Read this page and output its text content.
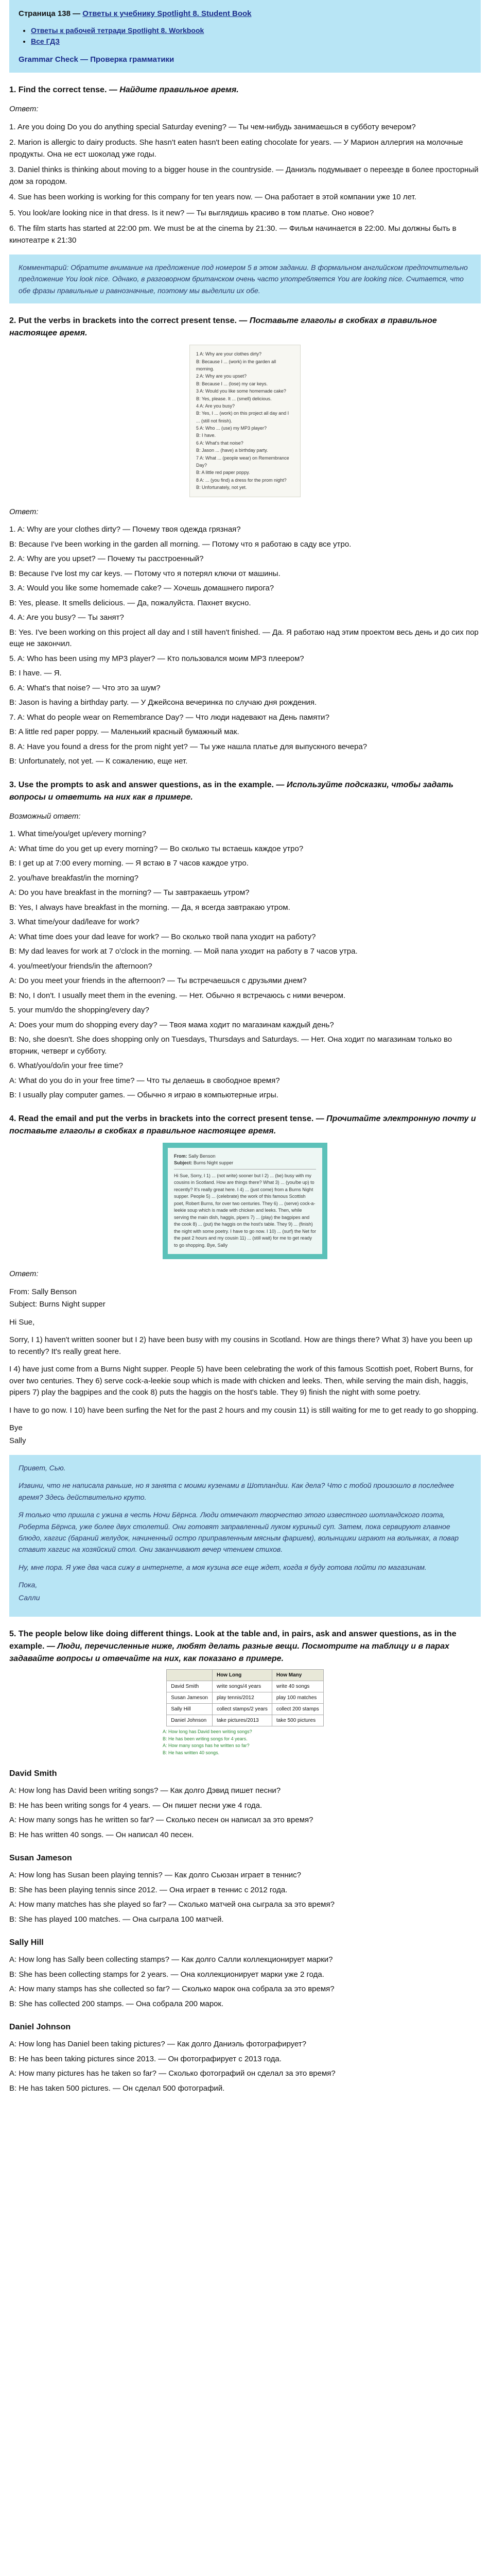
Страница 138 — Ответы к учебнику Spotlight 8. Student Book

• Ответы к рабочей тетради Spotlight 8. Workbook
• Все ГДЗ

Grammar Check — Проверка грамматики

1. Find the correct tense. — Найдите правильное время.

Ответ:

1. Are you doing Do you do anything special Saturday evening? — Ты чем-нибудь занимаешься в субботу вечером?
2. Marion is allergic to dairy products. She hasn't eaten hasn't been eating chocolate for years. — У Марион аллергия на молочные продукты. Она не ест шоколад уже годы.
3. Daniel thinks is thinking about moving to a bigger house in the countryside. — Даниэль подумывает о переезде в более просторный дом за городом.
4. Sue has been working is working for this company for ten years now. — Она работает в этой компании уже 10 лет.
5. You look/are looking nice in that dress. Is it new? — Ты выглядишь красиво в том платье. Оно новое?
6. The film starts has started at 22:00 pm. We must be at the cinema by 21:30. — Фильм начинается в 22:00. Мы должны быть в кинотеатре к 21:30
Комментарий: Обратите внимание на предложение под номером 5 в этом задании. В формальном английском предпочтительно предложение You look nice. Однако, в разговорном британском очень часто употребляется You are looking nice. Считается, что обе фразы правильные и равнозначные, поэтому мы выделили их обе.
2. Put the verbs in brackets into the correct present tense. — Поставьте глаголы в скобках в правильное настоящее время.
1 A: Why are your clothes dirty?
B: Because I ... (work) in the garden all morning.
2 A: Why are you upset?
B: Because I ... (lose) my car keys.
3 A: Would you like some homemade cake?
B: Yes, please. It ... (smell) delicious.
4 A: Are you busy?
B: Yes, I ... (work) on this project all day and I ... (still not finish).
5 A: Who ... (use) my MP3 player?
B: I have.
6 A: What's that noise?
B: Jason ... (have) a birthday party.
7 A: What ... (people wear) on Remembrance Day?
B: A little red paper poppy.
8 A: ... (you find) a dress for the prom night?
B: Unfortunately, not yet.

Ответ:

1. A: Why are your clothes dirty? — Почему твоя одежда грязная?

B: Because I've been working in the garden all morning. — Потому что я работаю в саду все утро.

2. A: Why are you upset? — Почему ты расстроенный?

B: Because I've lost my car keys. — Потому что я потерял ключи от машины.

3. A: Would you like some homemade cake? — Хочешь домашнего пирога?

B: Yes, please. It smells delicious. — Да, пожалуйста. Пахнет вкусно.

4. A: Are you busy? — Ты занят?

B: Yes. I've been working on this project all day and I still haven't finished. — Да. Я работаю над этим проектом весь день и до сих пор еще не закончил.

5. A: Who has been using my MP3 player? — Кто пользовался моим MP3 плеером?

B: I have. — Я.

6. A: What's that noise? — Что это за шум?

B: Jason is having a birthday party. — У Джейсона вечеринка по случаю дня рождения.

7. A: What do people wear on Remembrance Day? — Что люди надевают на День памяти?

B: A little red paper poppy. — Маленький красный бумажный мак.

8. A: Have you found a dress for the prom night yet? — Ты уже нашла платье для выпускного вечера?

B: Unfortunately, not yet. — К сожалению, еще нет.

3. Use the prompts to ask and answer questions, as in the example. — Используйте подсказки, чтобы задать вопросы и ответить на них как в примере.

Возможный ответ:

1. What time/you/get up/every morning?

A: What time do you get up every morning? — Во сколько ты встаешь каждое утро?

B: I get up at 7:00 every morning. — Я встаю в 7 часов каждое утро.

2. you/have breakfast/in the morning?

A: Do you have breakfast in the morning? — Ты завтракаешь утром?

B: Yes, I always have breakfast in the morning. — Да, я всегда завтракаю утром.

3. What time/your dad/leave for work?

A: What time does your dad leave for work? — Во сколько твой папа уходит на работу?

B: My dad leaves for work at 7 o'clock in the morning. — Мой папа уходит на работу в 7 часов утра.

4. you/meet/your friends/in the afternoon?

A: Do you meet your friends in the afternoon? — Ты встречаешься с друзьями днем?

B: No, I don't. I usually meet them in the evening. — Нет. Обычно я встречаюсь с ними вечером.

5. your mum/do the shopping/every day?

A: Does your mum do shopping every day? — Твоя мама ходит по магазинам каждый день?

B: No, she doesn't. She does shopping only on Tuesdays, Thursdays and Saturdays. — Нет. Она ходит по магазинам только во вторник, четверг и субботу.

6. What/you/do/in your free time?

A: What do you do in your free time? — Что ты делаешь в свободное время?

B: I usually play computer games. — Обычно я играю в компьютерные игры.

4. Read the email and put the verbs in brackets into the correct present tense. — Прочитайте электронную почту и поставьте глаголы в скобках в правильное настоящее время.
From: Sally Benson
Subject: Burns Night supper
Hi Sue, Sorry, I 1) ... (not write) sooner but I 2) ... (be) busy with my cousins in Scotland. How are things there? What 3) ... (you/be up) to recently? It's really great here. I 4) ... (just come) from a Burns Night supper. People 5) ... (celebrate) the work of this famous Scottish poet, Robert Burns, for over two centuries. They 6) ... (serve) cock-a-leekie soup which is made with chicken and leeks. Then, while serving the main dish, haggis, pipers 7) ... (play) the bagpipes and the cook 8) ... (put) the haggis on the host's table. They 9) ... (finish) the night with some poetry. I have to go now. I 10) ... (surf) the Net for the past 2 hours and my cousin 11) ... (still wait) for me to get ready to go shopping. Bye, Sally

Ответ:

From: Sally Benson

Subject: Burns Night supper

Hi Sue,

Sorry, I 1) haven't written sooner but I 2) have been busy with my cousins in Scotland. How are things there? What 3) have you been up to recently? It's really great here.

I 4) have just come from a Burns Night supper. People 5) have been celebrating the work of this famous Scottish poet, Robert Burns, for over two centuries. They 6) serve cock-a-leekie soup which is made with chicken and leeks. Then, while serving the main dish, haggis, pipers 7) play the bagpipes and the cook 8) puts the haggis on the host's table. They 9) finish the night with some poetry.

I have to go now. I 10) have been surfing the Net for the past 2 hours and my cousin 11) is still waiting for me to get ready to go shopping.

Bye

Sally

Привет, Сью.

Извини, что не написала раньше, но я занята с моими кузенами в Шотландии. Как дела? Что с тобой произошло в последнее время? Здесь действительно круто.

Я только что пришла с ужина в честь Ночи Бёрнса. Люди отмечают творчество этого известного шотландского поэта, Роберта Бёрнса, уже более двух столетий. Они готовят заправленный луком куриный суп. Затем, пока сервируют главное блюдо, хаггис (бараний желудок, начиненный остро приправленным мясным фаршем), волынщики играют на волынках, а повар ставит хаггис на хозяйский стол. Они заканчивают вечер чтением стихов.

Ну, мне пора. Я уже два часа сижу в интернете, а моя кузина все еще ждет, когда я буду готова пойти по магазинам.

Пока,

Салли

5. The people below like doing different things. Look at the table and, in pairs, ask and answer questions, as in the example. — Люди, перечисленные ниже, любят делать разные вещи. Посмотрите на таблицу и в парах задавайте вопросы и отвечайте на них, как показано в примере.
	How Long	How Many
David Smith	write songs/4 years	write 40 songs
Susan Jameson	play tennis/2012	play 100 matches
Sally Hill	collect stamps/2 years	collect 200 stamps
Daniel Johnson	take pictures/2013	take 500 pictures

A: How long has David been writing songs?

B: He has been writing songs for 4 years.

A: How many songs has he written so far?

B: He has written 40 songs.

David Smith

A: How long has David been writing songs? — Как долго Дэвид пишет песни?

B: He has been writing songs for 4 years. — Он пишет песни уже 4 года.

A: How many songs has he written so far? — Сколько песен он написал за это время?

B: He has written 40 songs. — Он написал 40 песен.

Susan Jameson

A: How long has Susan been playing tennis? — Как долго Сьюзан играет в теннис?

B: She has been playing tennis since 2012. — Она играет в теннис с 2012 года.

A: How many matches has she played so far? — Сколько матчей она сыграла за это время?

B: She has played 100 matches. — Она сыграла 100 матчей.

Sally Hill

A: How long has Sally been collecting stamps? — Как долго Салли коллекционирует марки?

B: She has been collecting stamps for 2 years. — Она коллекционирует марки уже 2 года.

A: How many stamps has she collected so far? — Сколько марок она собрала за это время?

B: She has collected 200 stamps. — Она собрала 200 марок.

Daniel Johnson

A: How long has Daniel been taking pictures? — Как долго Даниэль фотографирует?

B: He has been taking pictures since 2013. — Он фотографирует с 2013 года.

A: How many pictures has he taken so far? — Сколько фотографий он сделал за это время?

B: He has taken 500 pictures. — Он сделал 500 фотографий.
